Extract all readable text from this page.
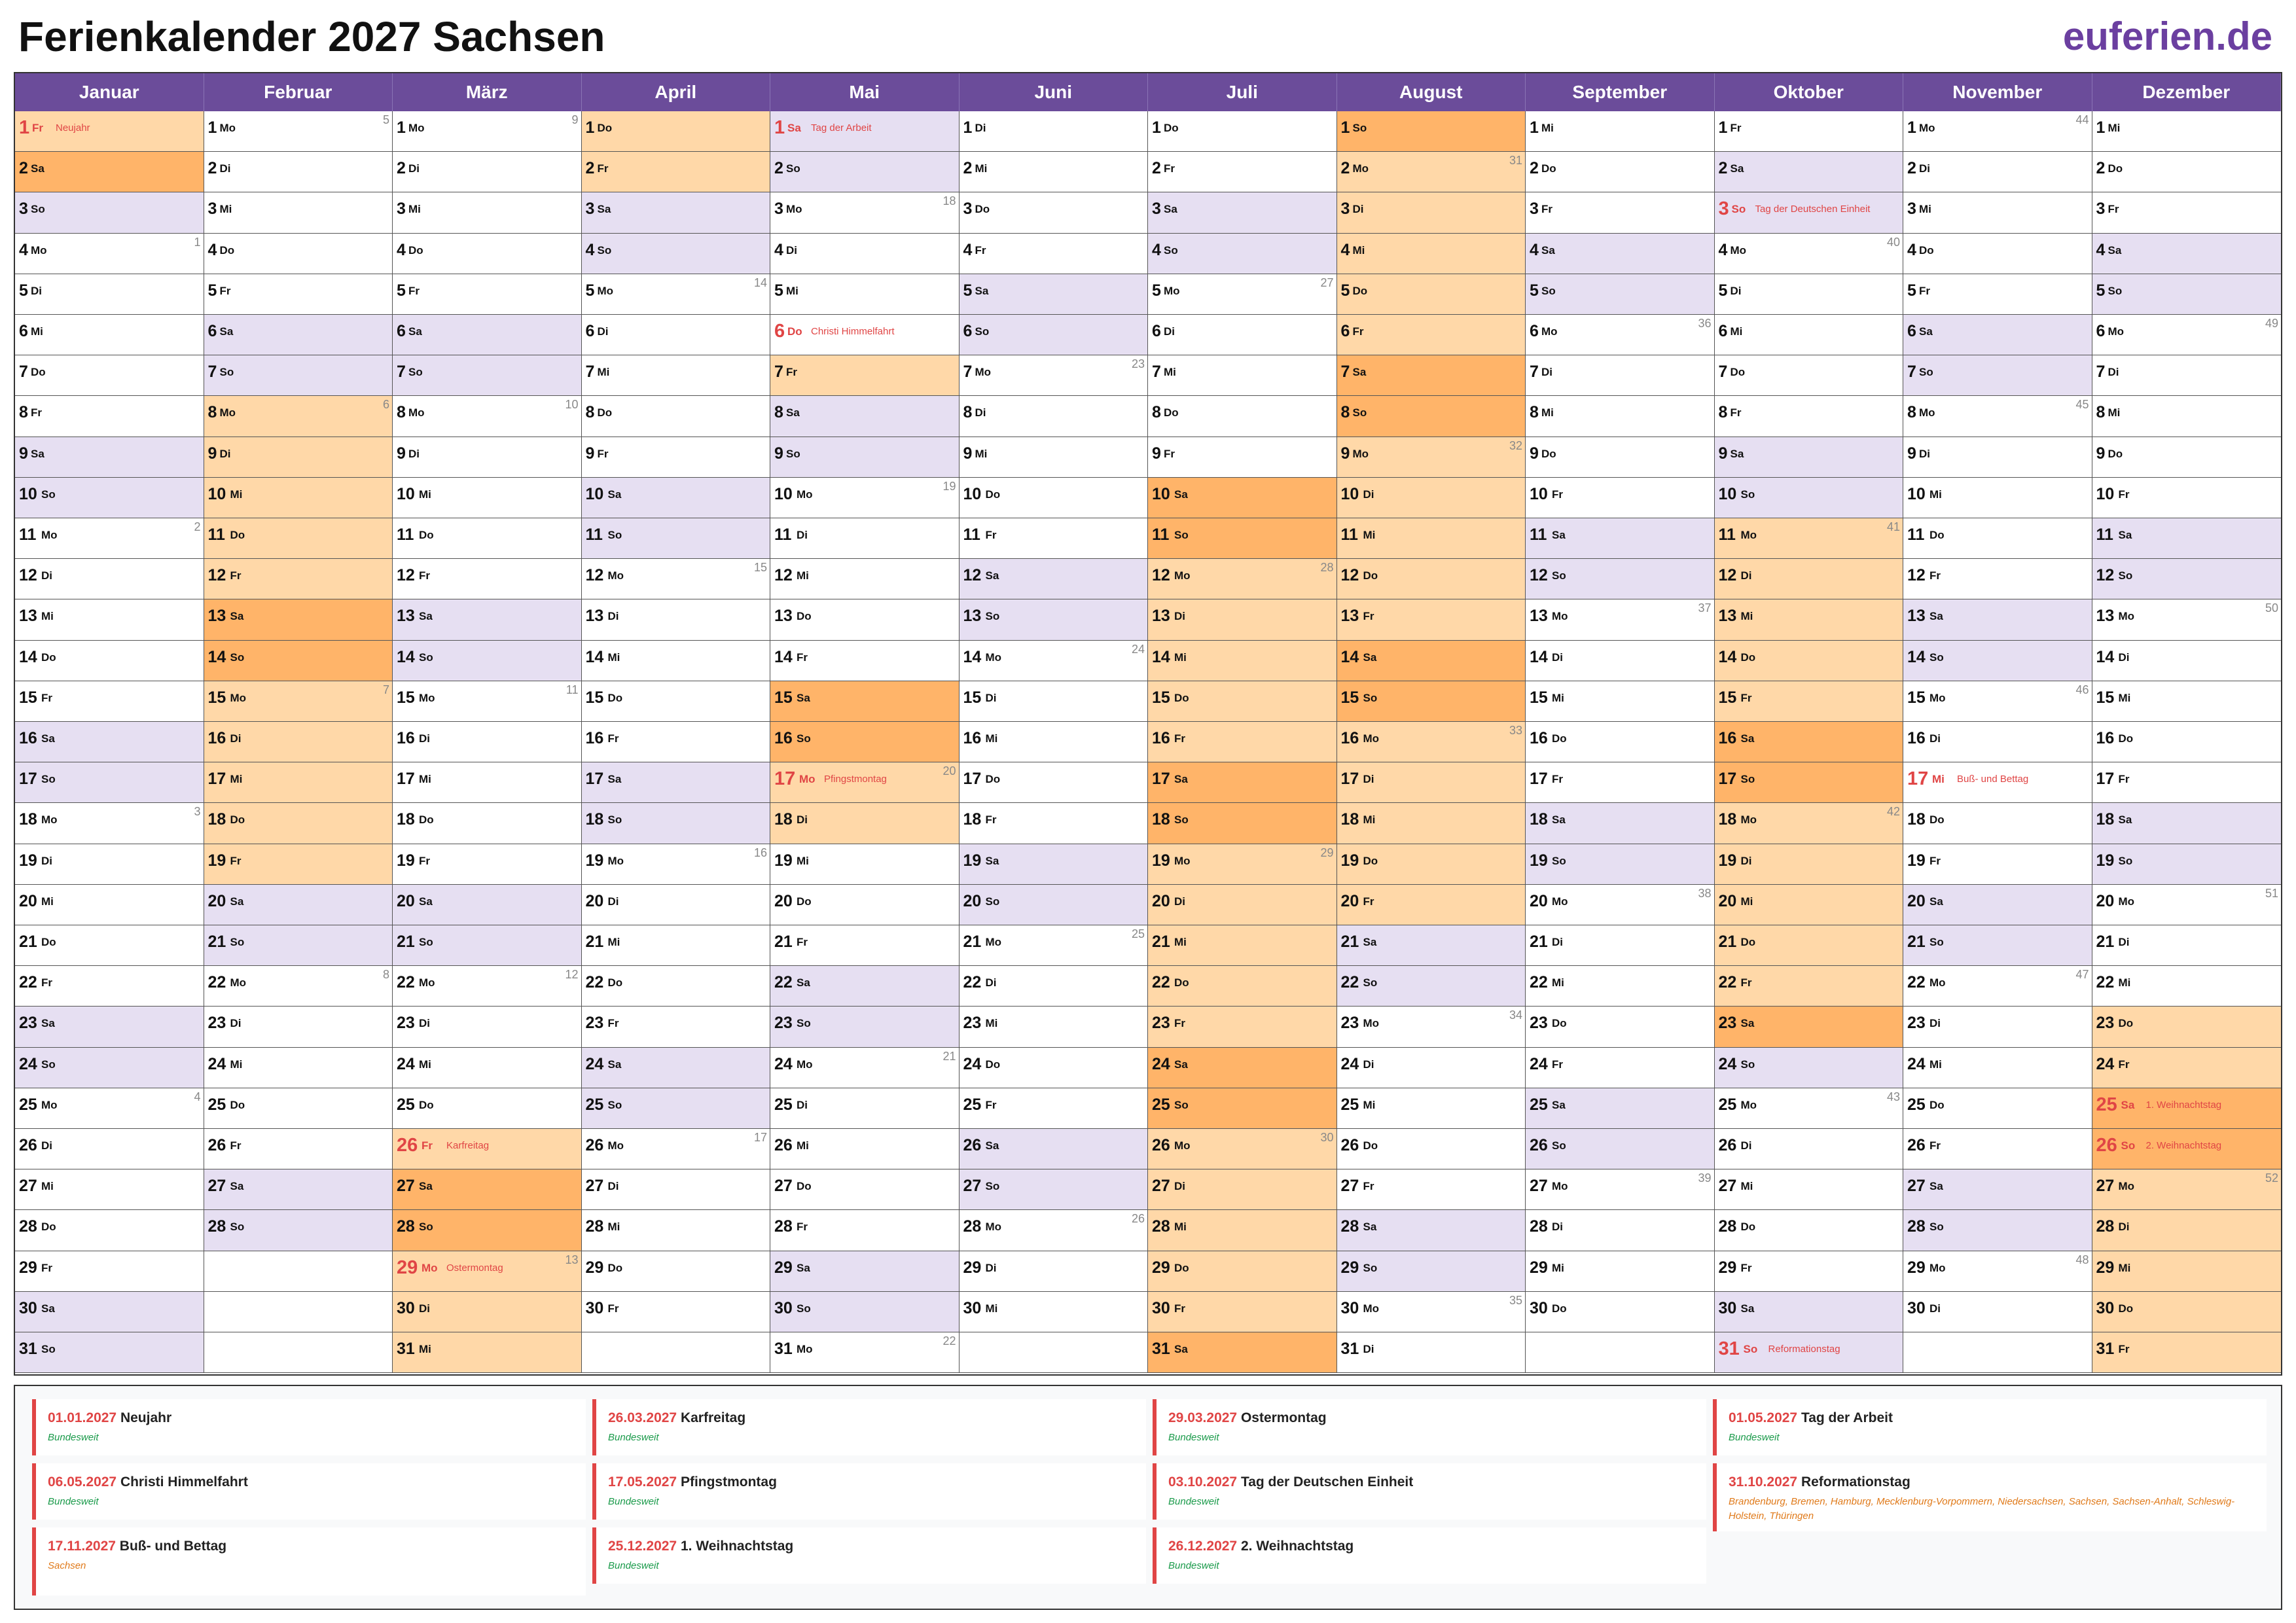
Ferienkalender 2027 Sachsen	euferien.de
Januar
1 Fr Neujahr
2 Sa
3 So
4 Mo
1
5 Di
6 Mi
7 Do
8 Fr
9 Sa
10 So
11 Mo
2
12 Di
13 Mi
14 Do
15 Fr
16 Sa
17 So
18 Mo
3
19 Di
20 Mi
21 Do
22 Fr
23 Sa
24 So
25 Mo
4
26 Di
27 Mi
28 Do
29 Fr
30 Sa
31 So
Februar
1 Mo
5
2 Di
3 Mi
4 Do
5 Fr
6 Sa
7 So
8 Mo
6
9 Di
10 Mi
11 Do
12 Fr
13 Sa
14 So
15 Mo
7
16 Di
17 Mi
18 Do
19 Fr
20 Sa
21 So
22 Mo
8
23 Di
24 Mi
25 Do
26 Fr
27 Sa
28 So
März
1 Mo
9
2 Di
3 Mi
4 Do
5 Fr
6 Sa
7 So
8 Mo
10
9 Di
10 Mi
11 Do
12 Fr
13 Sa
14 So
15 Mo
11
16 Di
17 Mi
18 Do
19 Fr
20 Sa
21 So
22 Mo
12
23 Di
24 Mi
25 Do
26 Fr Karfreitag
27 Sa
28 So
29 Mo Ostermontag
13
30 Di
31 Mi
April
1 Do
2 Fr
3 Sa
4 So
5 Mo
14
6 Di
7 Mi
8 Do
9 Fr
10 Sa
11 So
12 Mo
15
13 Di
14 Mi
15 Do
16 Fr
17 Sa
18 So
19 Mo
16
20 Di
21 Mi
22 Do
23 Fr
24 Sa
25 So
26 Mo
17
27 Di
28 Mi
29 Do
30 Fr
Mai
1 Sa Tag der Arbeit
2 So
3 Mo
18
4 Di
5 Mi
6 Do Christi Himmelfahrt
7 Fr
8 Sa
9 So
10 Mo
19
11 Di
12 Mi
13 Do
14 Fr
15 Sa
16 So
17 Mo Pfingstmontag
20
18 Di
19 Mi
20 Do
21 Fr
22 Sa
23 So
24 Mo
21
25 Di
26 Mi
27 Do
28 Fr
29 Sa
30 So
31 Mo
22
Juni
1 Di
2 Mi
3 Do
4 Fr
5 Sa
6 So
7 Mo
23
8 Di
9 Mi
10 Do
11 Fr
12 Sa
13 So
14 Mo
24
15 Di
16 Mi
17 Do
18 Fr
19 Sa
20 So
21 Mo
25
22 Di
23 Mi
24 Do
25 Fr
26 Sa
27 So
28 Mo
26
29 Di
30 Mi
Juli
1 Do
2 Fr
3 Sa
4 So
5 Mo
27
6 Di
7 Mi
8 Do
9 Fr
10 Sa
11 So
12 Mo
28
13 Di
14 Mi
15 Do
16 Fr
17 Sa
18 So
19 Mo
29
20 Di
21 Mi
22 Do
23 Fr
24 Sa
25 So
26 Mo
30
27 Di
28 Mi
29 Do
30 Fr
31 Sa
August
1 So
2 Mo
31
3 Di
4 Mi
5 Do
6 Fr
7 Sa
8 So
9 Mo
32
10 Di
11 Mi
12 Do
13 Fr
14 Sa
15 So
16 Mo
33
17 Di
18 Mi
19 Do
20 Fr
21 Sa
22 So
23 Mo
34
24 Di
25 Mi
26 Do
27 Fr
28 Sa
29 So
30 Mo
35
31 Di
September
1 Mi
2 Do
3 Fr
4 Sa
5 So
6 Mo
36
7 Di
8 Mi
9 Do
10 Fr
11 Sa
12 So
13 Mo
37
14 Di
15 Mi
16 Do
17 Fr
18 Sa
19 So
20 Mo
38
21 Di
22 Mi
23 Do
24 Fr
25 Sa
26 So
27 Mo
39
28 Di
29 Mi
30 Do
Oktober
1 Fr
2 Sa
3 So Tag der Deutschen Einheit
4 Mo
40
5 Di
6 Mi
7 Do
8 Fr
9 Sa
10 So
11 Mo
41
12 Di
13 Mi
14 Do
15 Fr
16 Sa
17 So
18 Mo
42
19 Di
20 Mi
21 Do
22 Fr
23 Sa
24 So
25 Mo
43
26 Di
27 Mi
28 Do
29 Fr
30 Sa
31 So Reformationstag
November
1 Mo
44
2 Di
3 Mi
4 Do
5 Fr
6 Sa
7 So
8 Mo
45
9 Di
10 Mi
11 Do
12 Fr
13 Sa
14 So
15 Mo
46
16 Di
17 Mi Buß- und Bettag
18 Do
19 Fr
20 Sa
21 So
22 Mo
47
23 Di
24 Mi
25 Do
26 Fr
27 Sa
28 So
29 Mo
48
30 Di
Dezember
1 Mi
2 Do
3 Fr
4 Sa
5 So
6 Mo
49
7 Di
8 Mi
9 Do
10 Fr
11 Sa
12 So
13 Mo
50
14 Di
15 Mi
16 Do
17 Fr
18 Sa
19 So
20 Mo
51
21 Di
22 Mi
23 Do
24 Fr
25 Sa 1. Weihnachtstag
26 So 2. Weihnachtstag
27 Mo
52
28 Di
29 Mi
30 Do
31 Fr
01.01.2027 Neujahr
Bundesweit
26.03.2027 Karfreitag
Bundesweit
29.03.2027 Ostermontag
Bundesweit
01.05.2027 Tag der Arbeit
Bundesweit
06.05.2027 Christi Himmelfahrt
Bundesweit
17.05.2027 Pfingstmontag
Bundesweit
03.10.2027 Tag der Deutschen Einheit
Bundesweit
31.10.2027 Reformationstag
Brandenburg, Bremen, Hamburg, Mecklenburg-Vorpommern, Niedersachsen, Sachsen, Sachsen-Anhalt, Schleswig-Holstein, Thüringen
17.11.2027 Buß- und Bettag
Sachsen
25.12.2027 1. Weihnachtstag
Bundesweit
26.12.2027 2. Weihnachtstag
Bundesweit
